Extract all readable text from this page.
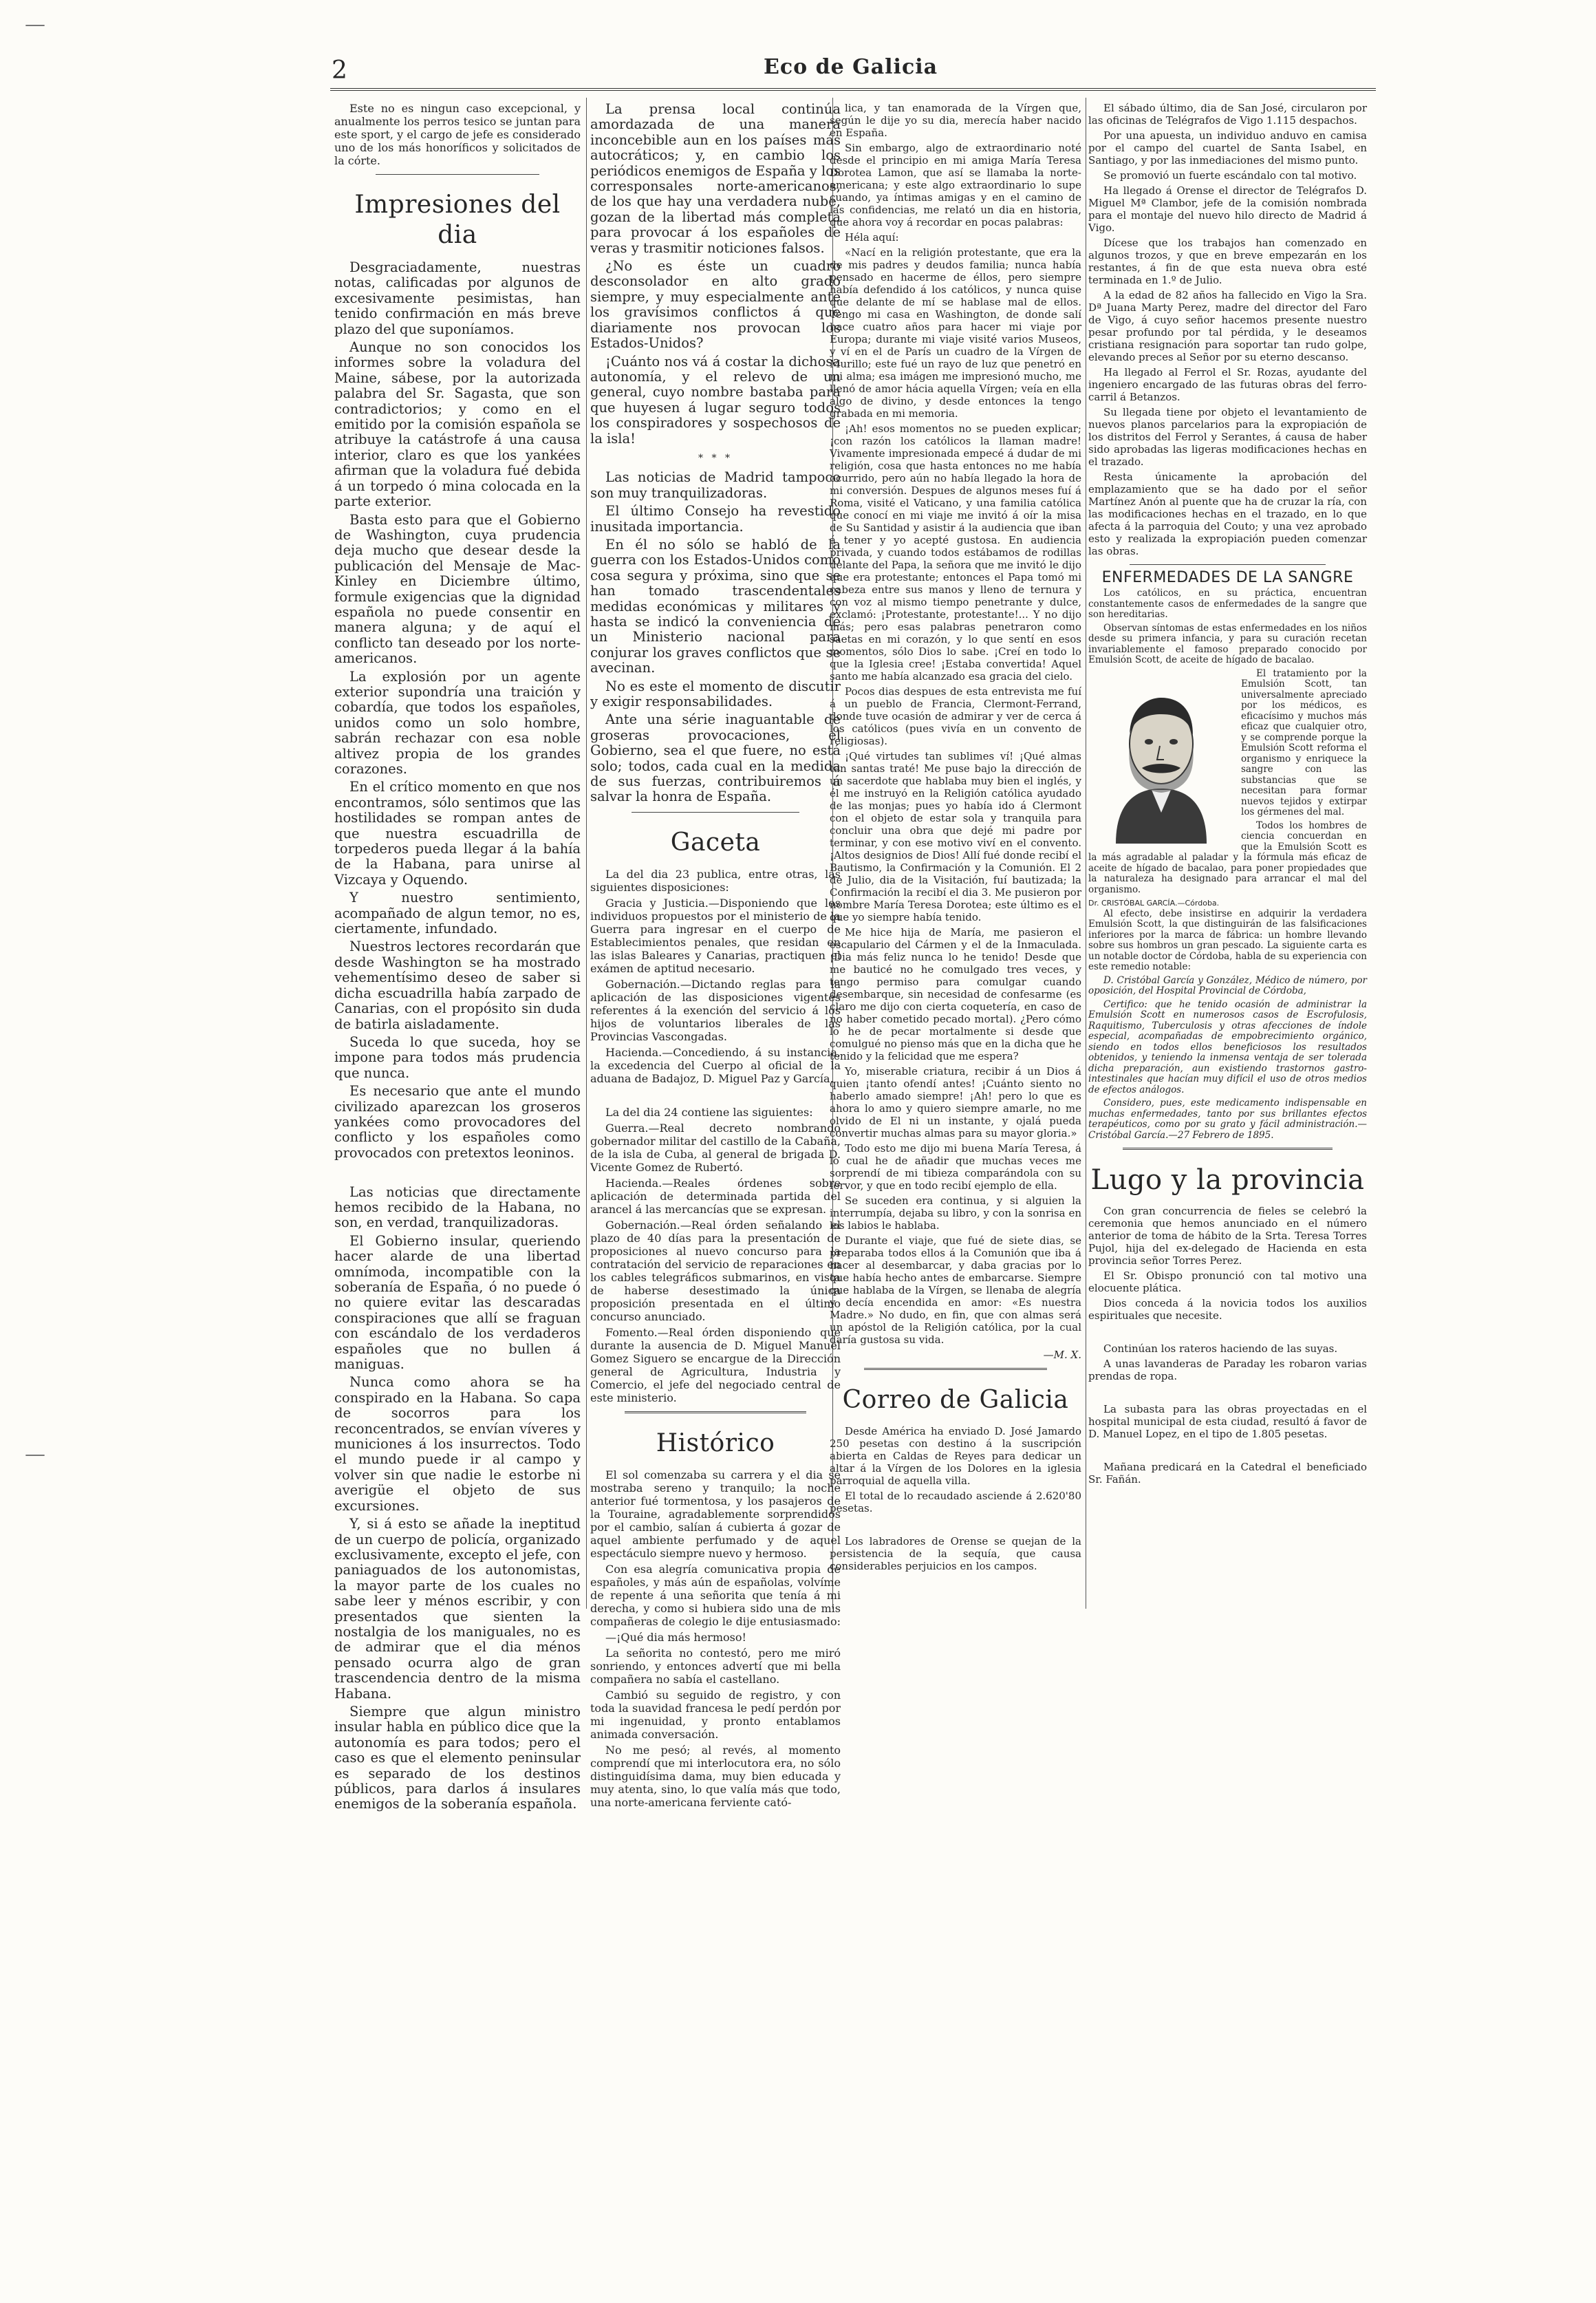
—
—
2	Eco de Galicia

Este no es ningun caso excepcional, y anualmente los perros tesico se juntan para este sport, y el cargo de jefe es considerado uno de los más honoríficos y solicitados de la córte.

Impresiones del dia

Desgraciadamente, nuestras notas, calificadas por algunos de excesivamente pesimistas, han tenido confirmación en más breve plazo del que suponíamos.

Aunque no son conocidos los informes sobre la voladura del Maine, sábese, por la autorizada palabra del Sr. Sagasta, que son contradictorios; y como en el emitido por la comisión española se atribuye la catástrofe á una causa interior, claro es que los yankées afirman que la voladura fué debida á un torpedo ó mina colocada en la parte exterior.

Basta esto para que el Gobierno de Washington, cuya prudencia deja mucho que desear desde la publicación del Mensaje de Mac-Kinley en Diciembre último, formule exigencias que la dignidad española no puede consentir en manera alguna; y de aquí el conflicto tan deseado por los norte-americanos.

La explosión por un agente exterior supondría una traición y cobardía, que todos los españoles, unidos como un solo hombre, sabrán rechazar con esa noble altivez propia de los grandes corazones.

En el crítico momento en que nos encontramos, sólo sentimos que las hostilidades se rompan antes de que nuestra escuadrilla de torpederos pueda llegar á la bahía de la Habana, para unirse al Vizcaya y Oquendo.

Y nuestro sentimiento, acompañado de algun temor, no es, ciertamente, infundado.

Nuestros lectores recordarán que desde Washington se ha mostrado vehementísimo deseo de saber si dicha escuadrilla había zarpado de Canarias, con el propósito sin duda de batirla aisladamente.

Suceda lo que suceda, hoy se impone para todos más prudencia que nunca.

Es necesario que ante el mundo civilizado aparezcan los groseros yankées como provocadores del conflicto y los españoles como provocados con pretextos leoninos.

Las noticias que directamente hemos recibido de la Habana, no son, en verdad, tranquilizadoras.

El Gobierno insular, queriendo hacer alarde de una libertad omnímoda, incompatible con la soberanía de España, ó no puede ó no quiere evitar las descaradas conspiraciones que allí se fraguan con escándalo de los verdaderos españoles que no bullen á maniguas.

Nunca como ahora se ha conspirado en la Habana. So capa de socorros para los reconcentrados, se envían víveres y municiones á los insurrectos. Todo el mundo puede ir al campo y volver sin que nadie le estorbe ni averigüe el objeto de sus excursiones.

Y, si á esto se añade la ineptitud de un cuerpo de policía, organizado exclusivamente, excepto el jefe, con paniaguados de los autonomistas, la mayor parte de los cuales no sabe leer y ménos escribir, y con presentados que sienten la nostalgia de los maniguales, no es de admirar que el dia ménos pensado ocurra algo de gran trascendencia dentro de la misma Habana.

Siempre que algun ministro insular habla en público dice que la autonomía es para todos; pero el caso es que el elemento peninsular es separado de los destinos públicos, para darlos á insulares enemigos de la soberanía española.

La prensa local continúa amordazada de una manera inconcebible aun en los países más autocráticos; y, en cambio los periódicos enemigos de España y los corresponsales norte-americanos, de los que hay una verdadera nube, gozan de la libertad más completa para provocar á los españoles de veras y trasmitir noticiones falsos.

¿No es éste un cuadro desconsolador en alto grado siempre, y muy especialmente ante los gravísimos conflictos á que diariamente nos provocan los Estados-Unidos?

¡Cuánto nos vá á costar la dichosa autonomía, y el relevo de un general, cuyo nombre bastaba para que huyesen á lugar seguro todos los conspiradores y sospechosos de la isla!

* * *

Las noticias de Madrid tampoco son muy tranquilizadoras.

El último Consejo ha revestido inusitada importancia.

En él no sólo se habló de la guerra con los Estados-Unidos como cosa segura y próxima, sino que se han tomado trascendentales medidas económicas y militares y hasta se indicó la conveniencia de un Ministerio nacional para conjurar los graves conflictos que se avecinan.

No es este el momento de discutir y exigir responsabilidades.

Ante una série inaguantable de groseras provocaciones, el Gobierno, sea el que fuere, no está solo; todos, cada cual en la medida de sus fuerzas, contribuiremos á salvar la honra de España.

Gaceta

La del dia 23 publica, entre otras, las siguientes disposiciones:

Gracia y Justicia.—Disponiendo que los individuos propuestos por el ministerio de la Guerra para ingresar en el cuerpo de Establecimientos penales, que residan en las islas Baleares y Canarias, practiquen el exámen de aptitud necesario.

Gobernación.—Dictando reglas para la aplicación de las disposiciones vigentes referentes á la exención del servicio á los hijos de voluntarios liberales de las Provincias Vascongadas.

Hacienda.—Concediendo, á su instancia, la excedencia del Cuerpo al oficial de la aduana de Badajoz, D. Miguel Paz y García.

La del dia 24 contiene las siguientes:

Guerra.—Real decreto nombrando gobernador militar del castillo de la Cabaña, de la isla de Cuba, al general de brigada D. Vicente Gomez de Rubertó.

Hacienda.—Reales órdenes sobre aplicación de determinada partida del arancel á las mercancías que se expresan.

Gobernación.—Real órden señalando el plazo de 40 días para la presentación de proposiciones al nuevo concurso para la contratación del servicio de reparaciones en los cables telegráficos submarinos, en vista de haberse desestimado la única proposición presentada en el último concurso anunciado.

Fomento.—Real órden disponiendo que durante la ausencia de D. Miguel Manuel Gomez Siguero se encargue de la Dirección general de Agricultura, Industria y Comercio, el jefe del negociado central de este ministerio.

Histórico

El sol comenzaba su carrera y el dia se mostraba sereno y tranquilo; la noche anterior fué tormentosa, y los pasajeros de la Touraine, agradablemente sorprendidos por el cambio, salían á cubierta á gozar de aquel ambiente perfumado y de aquel espectáculo siempre nuevo y hermoso.

Con esa alegría comunicativa propia de españoles, y más aún de españolas, volvíme de repente á una señorita que tenía á mi derecha, y como si hubiera sido una de mis compañeras de colegio le dije entusiasmado:

—¡Qué dia más hermoso!

La señorita no contestó, pero me miró sonriendo, y entonces advertí que mi bella compañera no sabía el castellano.

Cambió su seguido de registro, y con toda la suavidad francesa le pedí perdón por mi ingenuidad, y pronto entablamos animada conversación.

No me pesó; al revés, al momento comprendí que mi interlocutora era, no sólo distinguidísima dama, muy bien educada y muy atenta, sino, lo que valía más que todo, una norte-americana ferviente cató-

lica, y tan enamorada de la Vírgen que, según le dije yo su dia, merecía haber nacido en España.

Sin embargo, algo de extraordinario noté desde el principio en mi amiga María Teresa Dorotea Lamon, que así se llamaba la norte-americana; y este algo extraordinario lo supe cuando, ya íntimas amigas y en el camino de las confidencias, me relató un dia en historia, que ahora voy á recordar en pocas palabras:

Héla aquí:

«Nací en la religión protestante, que era la de mis padres y deudos familia; nunca había pensado en hacerme de éllos, pero siempre había defendido á los católicos, y nunca quise que delante de mí se hablase mal de ellos. Tengo mi casa en Washington, de donde salí hace cuatro años para hacer mi viaje por Europa; durante mi viaje visité varios Museos, y ví en el de París un cuadro de la Vírgen de Murillo; este fué un rayo de luz que penetró en mi alma; esa imágen me impresionó mucho, me llenó de amor hácia aquella Vírgen; veía en ella algo de divino, y desde entonces la tengo grabada en mi memoria.

¡Ah! esos momentos no se pueden explicar; ¡con razón los católicos la llaman madre! Vivamente impresionada empecé á dudar de mi religión, cosa que hasta entonces no me había ocurrido, pero aún no había llegado la hora de mi conversión. Despues de algunos meses fuí á Roma, visité el Vaticano, y una familia católica que conocí en mi viaje me invitó á oír la misa de Su Santidad y asistir á la audiencia que iban á tener y yo acepté gustosa. En audiencia privada, y cuando todos estábamos de rodillas delante del Papa, la señora que me invitó le dijo que era protestante; entonces el Papa tomó mi cabeza entre sus manos y lleno de ternura y con voz al mismo tiempo penetrante y dulce, exclamó: ¡Protestante, protestante!... Y no dijo más; pero esas palabras penetraron como saetas en mi corazón, y lo que sentí en esos momentos, sólo Dios lo sabe. ¡Creí en todo lo que la Iglesia cree! ¡Estaba convertida! Aquel santo me había alcanzado esa gracia del cielo.

Pocos dias despues de esta entrevista me fuí á un pueblo de Francia, Clermont-Ferrand, donde tuve ocasión de admirar y ver de cerca á los católicos (pues vivía en un convento de religiosas).

¡Qué virtudes tan sublimes ví! ¡Qué almas tan santas traté! Me puse bajo la dirección de un sacerdote que hablaba muy bien el inglés, y él me instruyó en la Religión católica ayudado de las monjas; pues yo había ido á Clermont con el objeto de estar sola y tranquila para concluir una obra que dejé mi padre por terminar, y con ese motivo viví en el convento. ¡Altos designios de Dios! Allí fué donde recibí el Bautismo, la Confirmación y la Comunión. El 2 de Julio, dia de la Visitación, fuí bautizada; la Confirmación la recibí el dia 3. Me pusieron por nombre María Teresa Dorotea; este último es el que yo siempre había tenido.

Me hice hija de María, me pasieron el escapulario del Cármen y el de la Inmaculada. ¡Dia más feliz nunca lo he tenido! Desde que me bauticé no he comulgado tres veces, y tengo permiso para comulgar cuando desembarque, sin necesidad de confesarme (es claro me dijo con cierta coquetería, en caso de no haber cometido pecado mortal). ¿Pero cómo lo he de pecar mortalmente si desde que comulgué no pienso más que en la dicha que he tenido y la felicidad que me espera?

Yo, miserable criatura, recibir á un Dios á quien ¡tanto ofendí antes! ¡Cuánto siento no haberlo amado siempre! ¡Ah! pero lo que es ahora lo amo y quiero siempre amarle, no me olvido de El ni un instante, y ojalá pueda convertir muchas almas para su mayor gloria.»

Todo esto me dijo mi buena María Teresa, á lo cual he de añadir que muchas veces me sorprendí de mi tibieza comparándola con su fervor, y que en todo recibí ejemplo de ella.

Se suceden era continua, y si alguien la interrumpía, dejaba su libro, y con la sonrisa en los labios le hablaba.

Durante el viaje, que fué de siete dias, se preparaba todos ellos á la Comunión que iba á hacer al desembarcar, y daba gracias por lo que había hecho antes de embarcarse. Siempre que hablaba de la Vírgen, se llenaba de alegría y decía encendida en amor: «Es nuestra Madre.» No dudo, en fin, que con almas será un apóstol de la Religión católica, por la cual daría gustosa su vida.

—M. X.

Correo de Galicia

Desde América ha enviado D. José Jamardo 250 pesetas con destino á la suscripción abierta en Caldas de Reyes para dedicar un altar á la Vírgen de los Dolores en la iglesia parroquial de aquella villa.

El total de lo recaudado asciende á 2.620'80 pesetas.

Los labradores de Orense se quejan de la persistencia de la sequía, que causa considerables perjuicios en los campos.

El sábado último, dia de San José, circularon por las oficinas de Telégrafos de Vigo 1.115 despachos.

Por una apuesta, un individuo anduvo en camisa por el campo del cuartel de Santa Isabel, en Santiago, y por las inmediaciones del mismo punto.

Se promovió un fuerte escándalo con tal motivo.

Ha llegado á Orense el director de Telégrafos D. Miguel Mª Clambor, jefe de la comisión nombrada para el montaje del nuevo hilo directo de Madrid á Vigo.

Dícese que los trabajos han comenzado en algunos trozos, y que en breve empezarán en los restantes, á fin de que esta nueva obra esté terminada en 1.º de Julio.

A la edad de 82 años ha fallecido en Vigo la Sra. Dª Juana Marty Perez, madre del director del Faro de Vigo, á cuyo señor hacemos presente nuestro pesar profundo por tal pérdida, y le deseamos cristiana resignación para soportar tan rudo golpe, elevando preces al Señor por su eterno descanso.

Ha llegado al Ferrol el Sr. Rozas, ayudante del ingeniero encargado de las futuras obras del ferro-carril á Betanzos.

Su llegada tiene por objeto el levantamiento de nuevos planos parcelarios para la expropiación de los distritos del Ferrol y Serantes, á causa de haber sido aprobadas las ligeras modificaciones hechas en el trazado.

Resta únicamente la aprobación del emplazamiento que se ha dado por el señor Martínez Anón al puente que ha de cruzar la ría, con las modificaciones hechas en el trazado, en lo que afecta á la parroquia del Couto; y una vez aprobado esto y realizada la expropiación pueden comenzar las obras.

ENFERMEDADES DE LA SANGRE

Los católicos, en su práctica, encuentran constantemente casos de enfermedades de la sangre que son hereditarias.

Observan síntomas de estas enfermedades en los niños desde su primera infancia, y para su curación recetan invariablemente el famoso preparado conocido por Emulsión Scott, de aceite de hígado de bacalao.

El tratamiento por la Emulsión Scott, tan universalmente apreciado por los médicos, es eficacísimo y muchos más eficaz que cualquier otro, y se comprende porque la Emulsión Scott reforma el organismo y enriquece la sangre con las substancias que se necesitan para formar nuevos tejidos y extirpar los gérmenes del mal.

Todos los hombres de ciencia concuerdan en que la Emulsión Scott es la más agradable al paladar y la fórmula más eficaz de aceite de hígado de bacalao, para poner propiedades que la naturaleza ha designado para arrancar el mal del organismo.

Dr. CRISTÓBAL GARCÍA.—Córdoba.

Al efecto, debe insistirse en adquirir la verdadera Emulsión Scott, la que distinguirán de las falsificaciones inferiores por la marca de fábrica: un hombre llevando sobre sus hombros un gran pescado. La siguiente carta es un notable doctor de Córdoba, habla de su experiencia con este remedio notable:

D. Cristóbal García y González, Médico de número, por oposición, del Hospital Provincial de Córdoba,

Certifico: que he tenido ocasión de administrar la Emulsión Scott en numerosos casos de Escrofulosis, Raquitismo, Tuberculosis y otras afecciones de índole especial, acompañadas de empobrecimiento orgánico, siendo en todos ellos beneficiosos los resultados obtenidos, y teniendo la inmensa ventaja de ser tolerada dicha preparación, aun existiendo trastornos gastro-intestinales que hacían muy difícil el uso de otros medios de efectos análogos.

Considero, pues, este medicamento indispensable en muchas enfermedades, tanto por sus brillantes efectos terapéuticos, como por su grato y fácil administración.—Cristóbal García.—27 Febrero de 1895.

Lugo y la provincia

Con gran concurrencia de fieles se celebró la ceremonia que hemos anunciado en el número anterior de toma de hábito de la Srta. Teresa Torres Pujol, hija del ex-delegado de Hacienda en esta provincia señor Torres Perez.

El Sr. Obispo pronunció con tal motivo una elocuente plática.

Dios conceda á la novicia todos los auxilios espirituales que necesite.

Continúan los rateros haciendo de las suyas.

A unas lavanderas de Paraday les robaron varias prendas de ropa.

La subasta para las obras proyectadas en el hospital municipal de esta ciudad, resultó á favor de D. Manuel Lopez, en el tipo de 1.805 pesetas.

Mañana predicará en la Catedral el beneficiado Sr. Fañán.
